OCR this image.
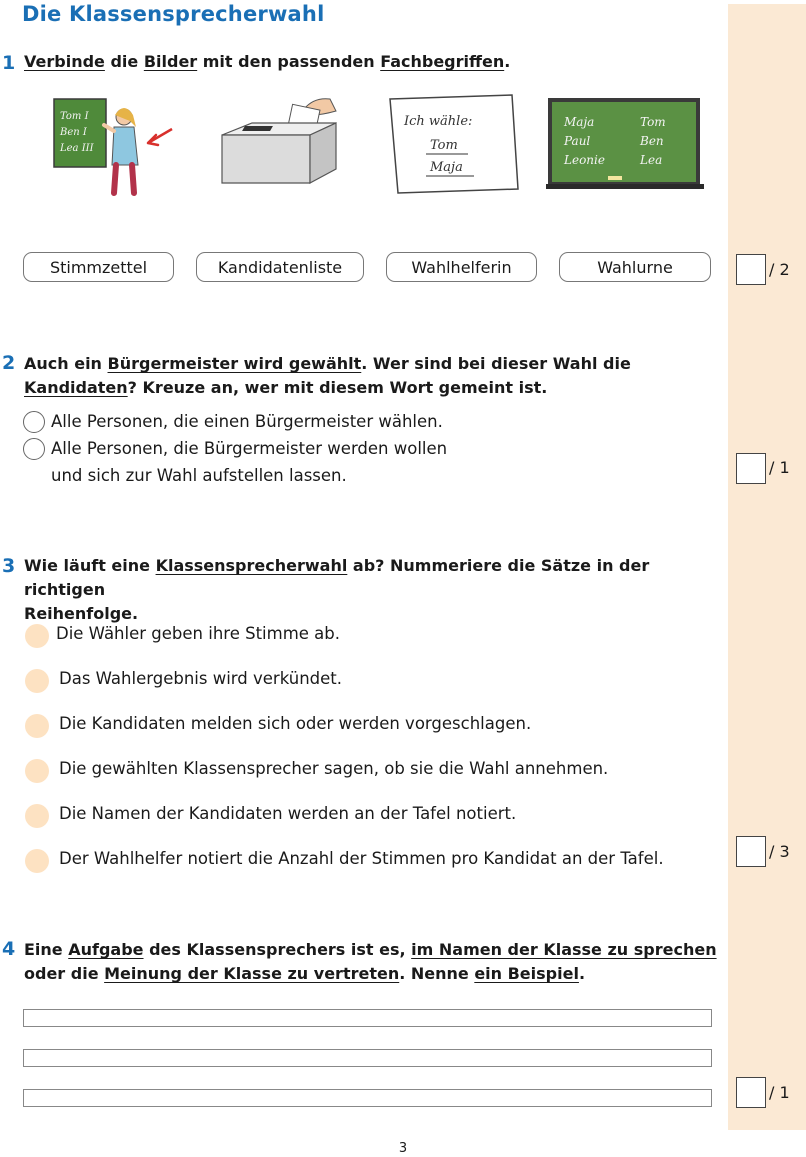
Die Klassensprecherwahl
1 Verbinde die Bilder mit den passenden Fachbegriffen.
Tom I
Ben I
Lea III
Ich wähle:
Tom
Maja
Maja
Paul
Leonie
Tom
Ben
Lea
Stimmzettel	Kandidatenliste	Wahlhelferin	Wahlurne	/ 2
2 Auch ein Bürgermeister wird gewählt. Wer sind bei dieser Wahl die
Kandidaten? Kreuze an, wer mit diesem Wort gemeint ist.
Alle Personen, die einen Bürgermeister wählen.
Alle Personen, die Bürgermeister werden wollen
und sich zur Wahl aufstellen lassen.	/ 1
3 Wie läuft eine Klassensprecherwahl ab? Nummeriere die Sätze in der richtigen
Reihenfolge.
Die Wähler geben ihre Stimme ab.
Das Wahlergebnis wird verkündet.
Die Kandidaten melden sich oder werden vorgeschlagen.
Die gewählten Klassensprecher sagen, ob sie die Wahl annehmen.
Die Namen der Kandidaten werden an der Tafel notiert.
Der Wahlhelfer notiert die Anzahl der Stimmen pro Kandidat an der Tafel.	/ 3
4 Eine Aufgabe des Klassensprechers ist es, im Namen der Klasse zu sprechen
oder die Meinung der Klasse zu vertreten. Nenne ein Beispiel.
/ 1
3
